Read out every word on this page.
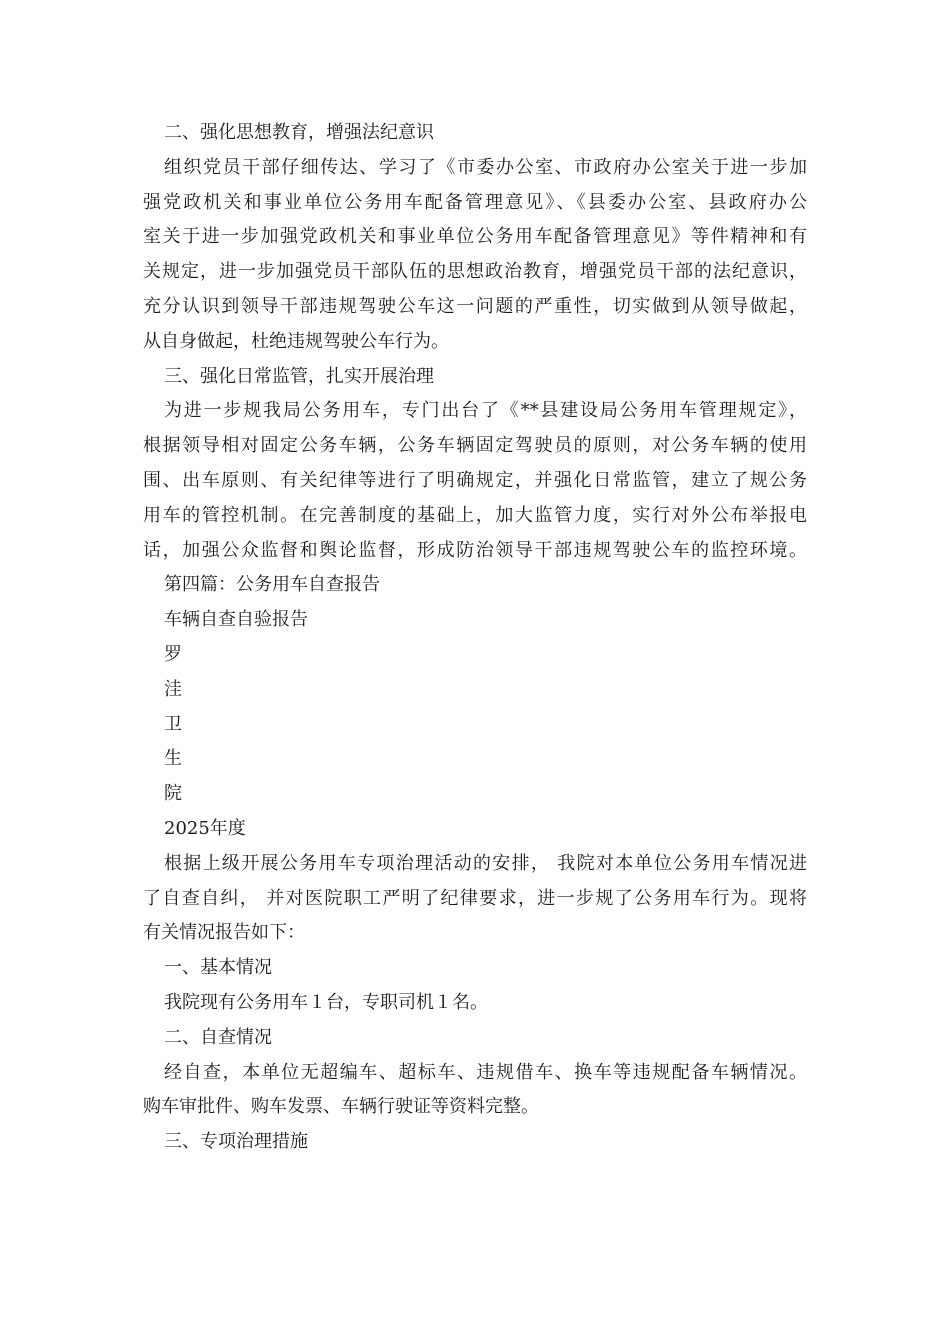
二、强化思想教育，增强法纪意识

组织党员干部仔细传达、学习了《市委办公室、市政府办公室关于进一步加

强党政机关和事业单位公务用车配备管理意见》、《县委办公室、县政府办公

室关于进一步加强党政机关和事业单位公务用车配备管理意见》等件精神和有

关规定，进一步加强党员干部队伍的思想政治教育，增强党员干部的法纪意识，

充分认识到领导干部违规驾驶公车这一问题的严重性，切实做到从领导做起，

从自身做起，杜绝违规驾驶公车行为。

三、强化日常监管，扎实开展治理

为进一步规我局公务用车，专门出台了《**县建设局公务用车管理规定》，

根据领导相对固定公务车辆，公务车辆固定驾驶员的原则，对公务车辆的使用

围、出车原则、有关纪律等进行了明确规定，并强化日常监管，建立了规公务

用车的管控机制。在完善制度的基础上，加大监管力度，实行对外公布举报电

话，加强公众监督和舆论监督，形成防治领导干部违规驾驶公车的监控环境。

第四篇：公务用车自查报告

车辆自查自验报告

罗

洼

卫

生

院

2025年度

根据上级开展公务用车专项治理活动的安排， 我院对本单位公务用车情况进

了自查自纠， 并对医院职工严明了纪律要求，进一步规了公务用车行为。现将

有关情况报告如下：

一、基本情况

我院现有公务用车１台，专职司机１名。

二、自查情况

经自查，本单位无超编车、超标车、违规借车、换车等违规配备车辆情况。

购车审批件、购车发票、车辆行驶证等资料完整。

三、专项治理措施
